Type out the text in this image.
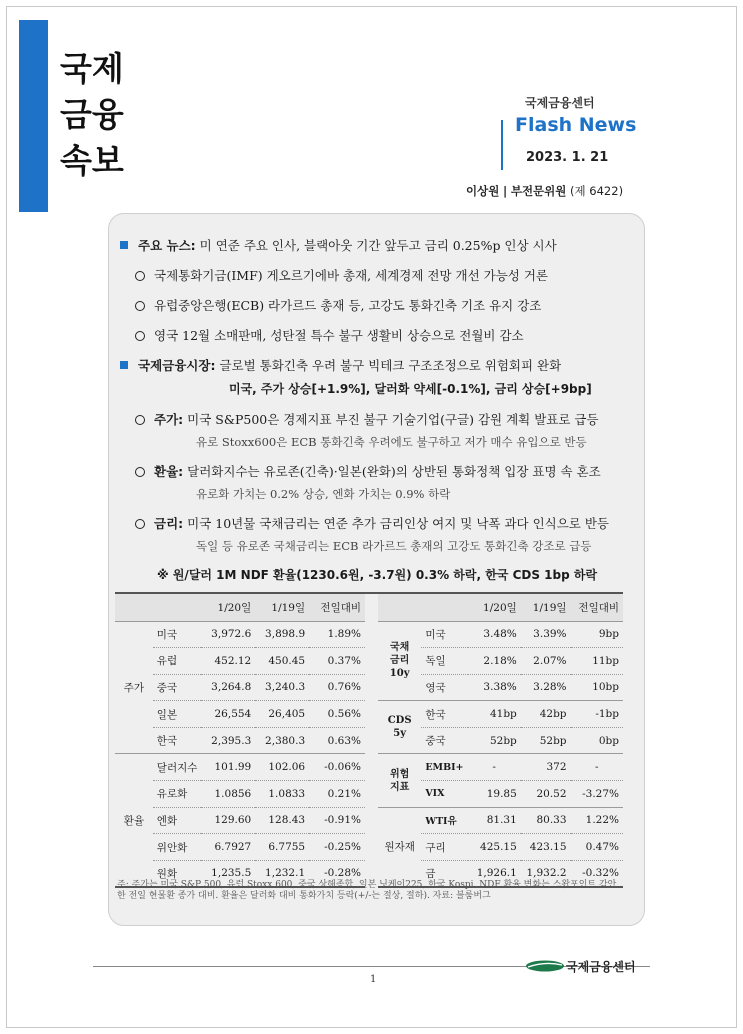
국제
금융
속보
국제금융센터
Flash News
2023. 1. 21
이상원 | 부전문위원 (제 6422)
주요 뉴스: 미 연준 주요 인사, 블랙아웃 기간 앞두고 금리 0.25%p 인상 시사
국제통화기금(IMF) 게오르기에바 총재, 세계경제 전망 개선 가능성 거론
유럽중앙은행(ECB) 라가르드 총재 등, 고강도 통화긴축 기조 유지 강조
영국 12월 소매판매, 성탄절 특수 불구 생활비 상승으로 전월비 감소
국제금융시장: 글로벌 통화긴축 우려 불구 빅테크 구조조정으로 위험회피 완화
미국, 주가 상승[+1.9%], 달러화 약세[-0.1%], 금리 상승[+9bp]
주가: 미국 S&P500은 경제지표 부진 불구 기술기업(구글) 감원 계획 발표로 급등
유로 Stoxx600은 ECB 통화긴축 우려에도 불구하고 저가 매수 유입으로 반등
환율: 달러화지수는 유로존(긴축)·일본(완화)의 상반된 통화정책 입장 표명 속 혼조
유로화 가치는 0.2% 상승, 엔화 가치는 0.9% 하락
금리: 미국 10년물 국채금리는 연준 추가 금리인상 여지 및 낙폭 과다 인식으로 반등
독일 등 유로존 국채금리는 ECB 라가르드 총재의 고강도 통화긴축 강조로 급등
※ 원/달러 1M NDF 환율(1230.6원, -3.7원) 0.3% 하락, 한국 CDS 1bp 하락
		1/20일	1/19일	전일대비
주가	미국	3,972.6	3,898.9	1.89%
	유럽	452.12	450.45	0.37%
	중국	3,264.8	3,240.3	0.76%
	일본	26,554	26,405	0.56%
	한국	2,395.3	2,380.3	0.63%
환율	달러지수	101.99	102.06	-0.06%
	유로화	1.0856	1.0833	0.21%
	엔화	129.60	128.43	-0.91%
	위안화	6.7927	6.7755	-0.25%
	원화	1,235.5	1,232.1	-0.28%
		1/20일	1/19일	전일대비
국채
금리
10y	미국	3.48%	3.39%	9bp
	독일	2.18%	2.07%	11bp
	영국	3.38%	3.28%	10bp
CDS
5y	한국	41bp	42bp	-1bp
	중국	52bp	52bp	0bp
위험
지표	EMBI+	-	372	-
	VIX	19.85	20.52	-3.27%
원자재	WTI유	81.31	80.33	1.22%
	구리	425.15	423.15	0.47%
	금	1,926.1	1,932.2	-0.32%
주: 주가는 미국 S&P 500, 유럽 Stoxx 600, 중국 상해종합, 일본 닛케이225, 한국 Kospi. NDF 환율 변화는 스왑포인트 감안한 전일 현물환 종가 대비. 환율은 달러화 대비 통화가치 등락(+/-는 절상, 절하). 자료: 블룸버그
1
국제금융센터
